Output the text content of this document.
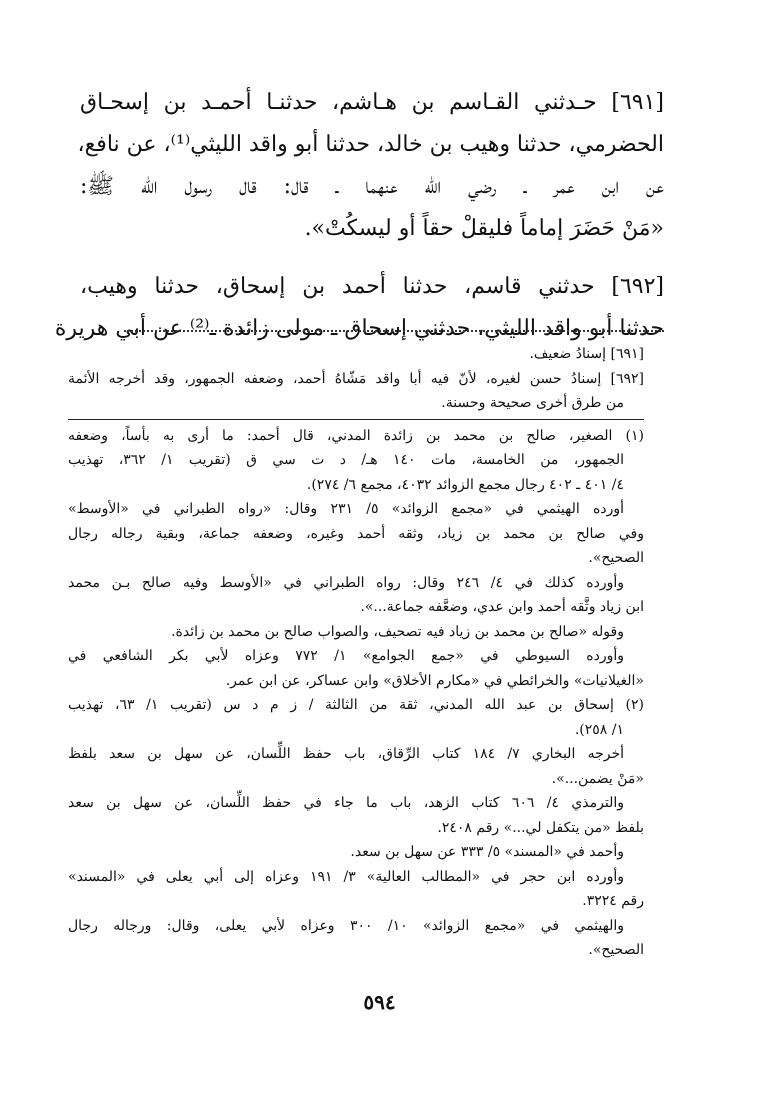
[٦٩١] حـدثني القـاسم بن هـاشم، حدثنـا أحمـد بن إسحـاق
الحضرمي، حدثنا وهيب بن خالد، حدثنا أبو واقد الليثي⁽¹⁾، عن نافع،
عن ابن عمر ـ رضي الله عنهما ـ قال: قال رسول الله ﷺ:
«مَنْ حَضَرَ إماماً فليقلْ حقاً أو ليسكُتْ».
[٦٩٢] حدثني قاسم، حدثنا أحمد بن إسحاق، حدثنا وهيب،
حدثنا أبو واقد الليثي، حدثني إسحاق ـ مولى زائدة ـ⁽²⁾ عن أبي هريرة
[٦٩١] إسنادُ ضعيف.
[٦٩٢] إسنادُ حسن لغيره، لأنّ فيه أبا واقد مَشّاهُ أحمد، وضعفه الجمهور، وقد أخرجه الأئمة
من طرق أخرى صحيحة وحسنة.
(١) الصغير، صالح بن محمد بن زائدة المدني، قال أحمد: ما أرى به بأساً، وضعفه
الجمهور، من الخامسة، مات ١٤٠ هـ/ د ت سي ق (تقريب ١/ ٣٦٢، تهذيب
٤/ ٤٠١ ـ ٤٠٢ رجال مجمع الزوائد ٤٠٣٢، مجمع ٦/ ٢٧٤).
أورده الهيثمي في «مجمع الزوائد» ٥/ ٢٣١ وقال: «رواه الطبراني في «الأوسط»
وفي صالح بن محمد بن زياد، وثقه أحمد وغيره، وضعفه جماعة، وبقية رجاله رجال
الصحيح».
وأورده كذلك في ٤/ ٢٤٦ وقال: رواه الطبراني في «الأوسط وفيه صالح بـن محمد
ابن زياد وثَّقه أحمد وابن عدي، وضعَّفه جماعة...».
وقوله «صالح بن محمد بن زياد فيه تصحيف، والصواب صالح بن محمد بن زائدة.
وأورده السيوطي في «جمع الجوامع» ١/ ٧٧٢ وعزاه لأبي بكر الشافعي في
«الغيلانيات» والخرائطي في «مكارم الأخلاق» وابن عساكر، عن ابن عمر.
(٢) إسحاق بن عبد الله المدني، ثقة من الثالثة / ز م د س (تقريب ١/ ٦٣، تهذيب
١/ ٢٥٨).
أخرجه البخاري ٧/ ١٨٤ كتاب الرِّقاق، باب حفظ اللِّسان، عن سهل بن سعد بلفظ
«مَنْ يضمن...».
والترمذي ٤/ ٦٠٦ كتاب الزهد، باب ما جاء في حفظ اللِّسان، عن سهل بن سعد
بلفظ «من يتكفل لي...» رقم ٢٤٠٨.
وأحمد في «المسند» ٥/ ٣٣٣ عن سهل بن سعد.
وأورده ابن حجر في «المطالب العالية» ٣/ ١٩١ وعزاه إلى أبي يعلى في «المسند»
رقم ٣٢٢٤.
والهيثمي في «مجمع الزوائد» ١٠/ ٣٠٠ وعزاه لأبي يعلى، وقال: ورجاله رجال
الصحيح».
٥٩٤
